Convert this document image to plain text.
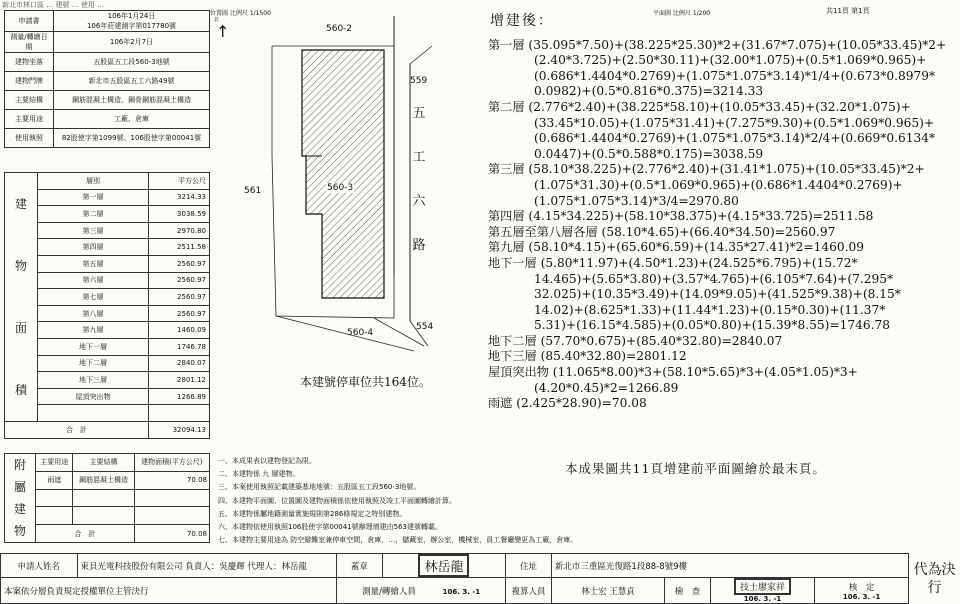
新北市林口區 … 建號 … 使用 …
申請書	106年1月24日
106年莊建測字第017780號
測量/轉繪日期	106年2月7日
建物坐落	五股區五工段560-3地號
建物門牌	新北市五股區五工六路49號
主要結構	鋼筋混凝土構造，鋼骨鋼筋混凝土構造
主要用途	工廠、倉庫
使用執照	82股使字第1099號、106股使字第00041號
建
物
面
積	層別	平方公尺
	第一層	3214.33
	第二層	3038.59
	第三層	2970.80
	第四層	2511.58
	第五層	2560.97
	第六層	2560.97
	第七層	2560.97
	第八層	2560.97
	第九層	1460.09
	地下一層	1746.78
	地下二層	2840.07
	地下三層	2801.12
	屋頂突出物	1266.89

合　計		32094.13
附
屬
建
物	主要用途	主要結構	建物面積(平方公尺)
	雨遮	鋼筋混凝土構造	70.08

	合　計		70.08
位置圖 比例尺 1/1500
↑
北
560-2
560-3
561
560-4
559
554
五
工
六
路
本建號停車位共164位。
平面圖 比例尺 1/200	共11頁 第1頁
增建後：
第一層 (35.095*7.50)+(38.225*25.30)*2+(31.67*7.075)+(10.05*33.45)*2+
(2.40*3.725)+(2.50*30.11)+(32.00*1.075)+(0.5*1.069*0.965)+
(0.686*1.4404*0.2769)+(1.075*1.075*3.14)*1/4+(0.673*0.8979*
0.0982)+(0.5*0.816*0.375)=3214.33
第二層 (2.776*2.40)+(38.225*58.10)+(10.05*33.45)+(32.20*1.075)+
(33.45*10.05)+(1.075*31.41)+(7.275*9.30)+(0.5*1.069*0.965)+
(0.686*1.4404*0.2769)+(1.075*1.075*3.14)*2/4+(0.669*0.6134*
0.0447)+(0.5*0.588*0.175)=3038.59
第三層 (58.10*38.225)+(2.776*2.40)+(31.41*1.075)+(10.05*33.45)*2+
(1.075*31.30)+(0.5*1.069*0.965)+(0.686*1.4404*0.2769)+
(1.075*1.075*3.14)*3/4=2970.80
第四層 (4.15*34.225)+(58.10*38.375)+(4.15*33.725)=2511.58
第五層至第八層各層 (58.10*4.65)+(66.40*34.50)=2560.97
第九層 (58.10*4.15)+(65.60*6.59)+(14.35*27.41)*2=1460.09
地下一層 (5.80*11.97)+(4.50*1.23)+(24.525*6.795)+(15.72*
14.465)+(5.65*3.80)+(3.57*4.765)+(6.105*7.64)+(7.295*
32.025)+(10.35*3.49)+(14.09*9.05)+(41.525*9.38)+(8.15*
14.02)+(8.625*1.33)+(11.44*1.23)+(0.15*0.30)+(11.37*
5.31)+(16.15*4.585)+(0.05*0.80)+(15.39*8.55)=1746.78
地下二層 (57.70*0.675)+(85.40*32.80)=2840.07
地下三層 (85.40*32.80)=2801.12
屋頂突出物 (11.065*8.00)*3+(58.10*5.65)*3+(4.05*1.05)*3+
(4.20*0.45)*2=1266.89
雨遮 (2.425*28.90)=70.08
本成果圖共11頁增建前平面圖繪於最末頁。
一、本成果表以建物登記為限。
二、本建物係 九 層建物。
三、本案使用執照記載建築基地地號：五股區五工段560-3地號。
四、本建物平面圖、位置圖及建物面積係依使用執照及竣工平面圖轉繪計算。
五、本建物係屬地籍測量實施規則第286條規定之特別建物。
六、本建物依使用執照106股使字第00041號辦理增建由563建號轉載。
七、本建物主要用途為 防空避難室兼停車空間，倉庫，…，儲藏室，辦公室，機械室，員工餐廳變更為工廠，倉庫。
申請人姓名	東貝光電科技股份有限公司 負責人：吳慶輝 代理人：林岳龍	蓋章	林岳龍	住址	新北市三重區光復路1段88-8號9樓				代為決行
本案依分層負責規定授權單位主管決行		測量/轉繪人員 106. 3. -1		複算人員	林士宏 王慧貞	檢　查	技士廖家祥
106. 3. -1	核　定
106. 3. -1	
